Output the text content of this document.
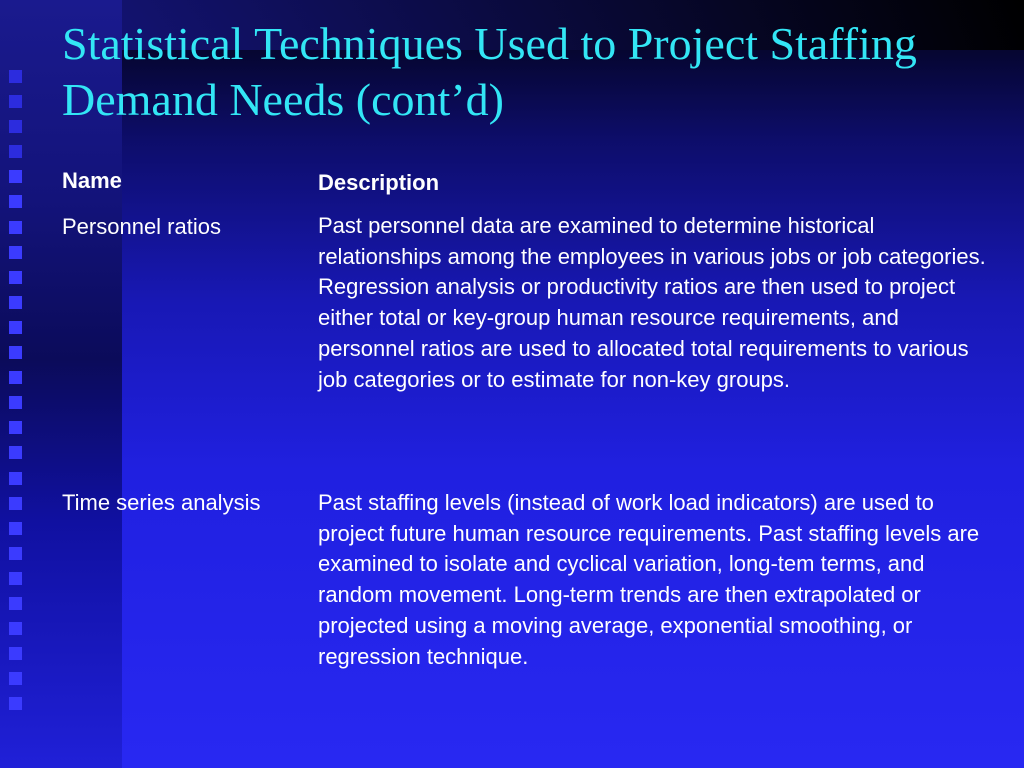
Statistical Techniques Used to Project Staffing Demand Needs (cont’d)
Name	Description
Personnel ratios	Past personnel data are examined to determine historical relationships among the employees in various jobs or job categories. Regression analysis or productivity ratios are then used to project either total or key-group human resource requirements, and personnel ratios are used to allocated total requirements to various job categories or to estimate for non-key groups.
Time series analysis	Past staffing levels (instead of work load indicators) are used to project future human resource requirements. Past staffing levels are examined to isolate and cyclical variation, long-tem terms, and random movement. Long-term trends are then extrapolated or projected using a moving average, exponential smoothing, or regression technique.
